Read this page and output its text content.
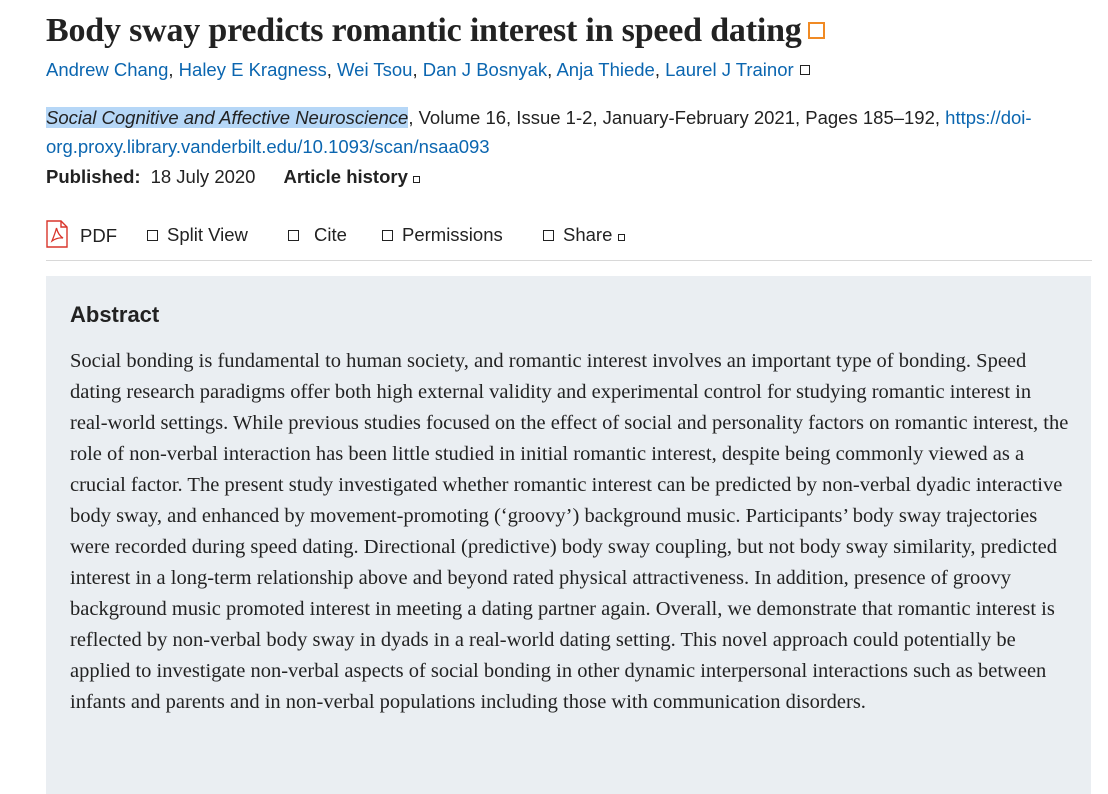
Body sway predicts romantic interest in speed dating
Andrew Chang, Haley E Kragness, Wei Tsou, Dan J Bosnyak, Anja Thiede, Laurel J Trainor
Social Cognitive and Affective Neuroscience, Volume 16, Issue 1-2, January-February 2021, Pages 185–192, https://doi-org.proxy.library.vanderbilt.edu/10.1093/scan/nsaa093
Published: 18 July 2020 Article history
PDF	Split View	Cite	Permissions	Share
Abstract
Social bonding is fundamental to human society, and romantic interest involves an important type of bonding. Speed dating research paradigms offer both high external validity and experimental control for studying romantic interest in real-world settings. While previous studies focused on the effect of social and personality factors on romantic interest, the role of non-verbal interaction has been little studied in initial romantic interest, despite being commonly viewed as a crucial factor. The present study investigated whether romantic interest can be predicted by non-verbal dyadic interactive body sway, and enhanced by movement-promoting (‘groovy’) background music. Participants’ body sway trajectories were recorded during speed dating. Directional (predictive) body sway coupling, but not body sway similarity, predicted interest in a long-term relationship above and beyond rated physical attractiveness. In addition, presence of groovy background music promoted interest in meeting a dating partner again. Overall, we demonstrate that romantic interest is reflected by non-verbal body sway in dyads in a real-world dating setting. This novel approach could potentially be applied to investigate non-verbal aspects of social bonding in other dynamic interpersonal interactions such as between infants and parents and in non-verbal populations including those with communication disorders.
